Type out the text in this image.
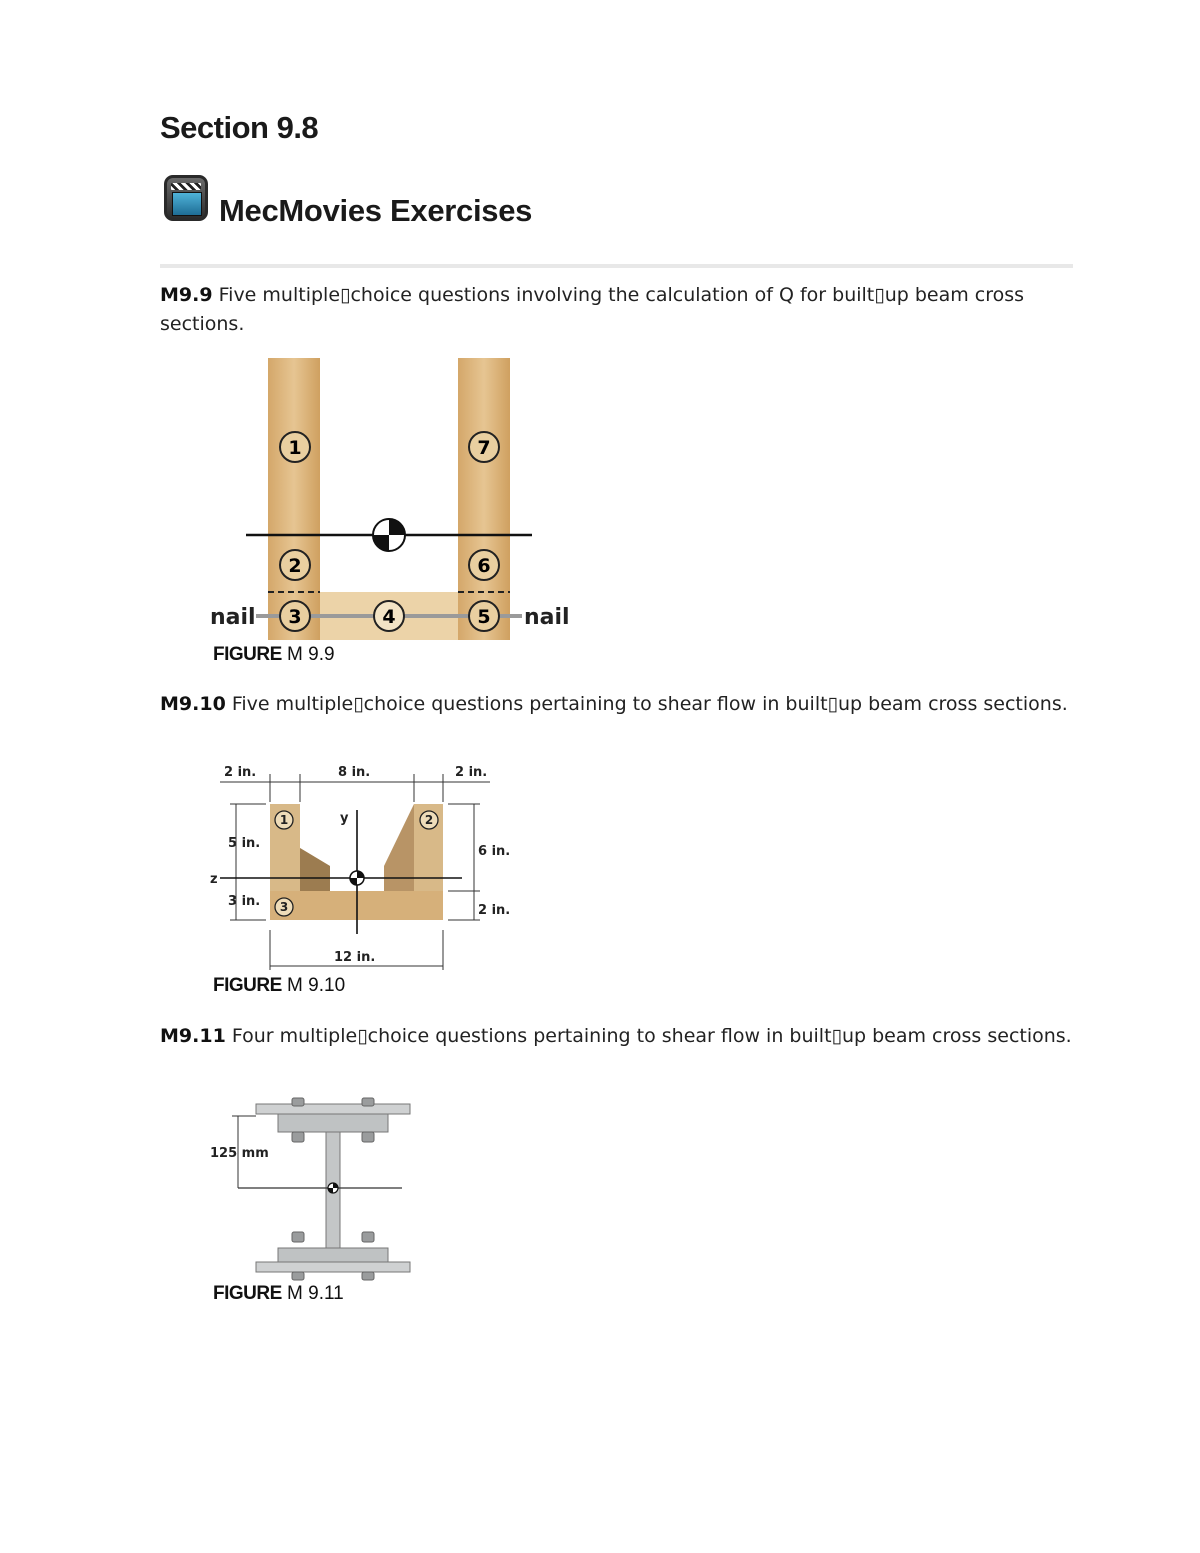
Section 9.8
MecMovies Exercises
M9.9 Five multiple▯choice questions involving the calculation of Q for built▯up beam cross sections.
1
2
3	4	5
6
7
nail	nail
FIGURE M 9.9
M9.10 Five multiple▯choice questions pertaining to shear flow in built▯up beam cross sections.
2 in.	8 in.	2 in.
5 in.
3 in.
6 in.
2 in.
12 in.
y
z
1	2
3
FIGURE M 9.10
M9.11 Four multiple▯choice questions pertaining to shear flow in built▯up beam cross sections.
125 mm
FIGURE M 9.11
